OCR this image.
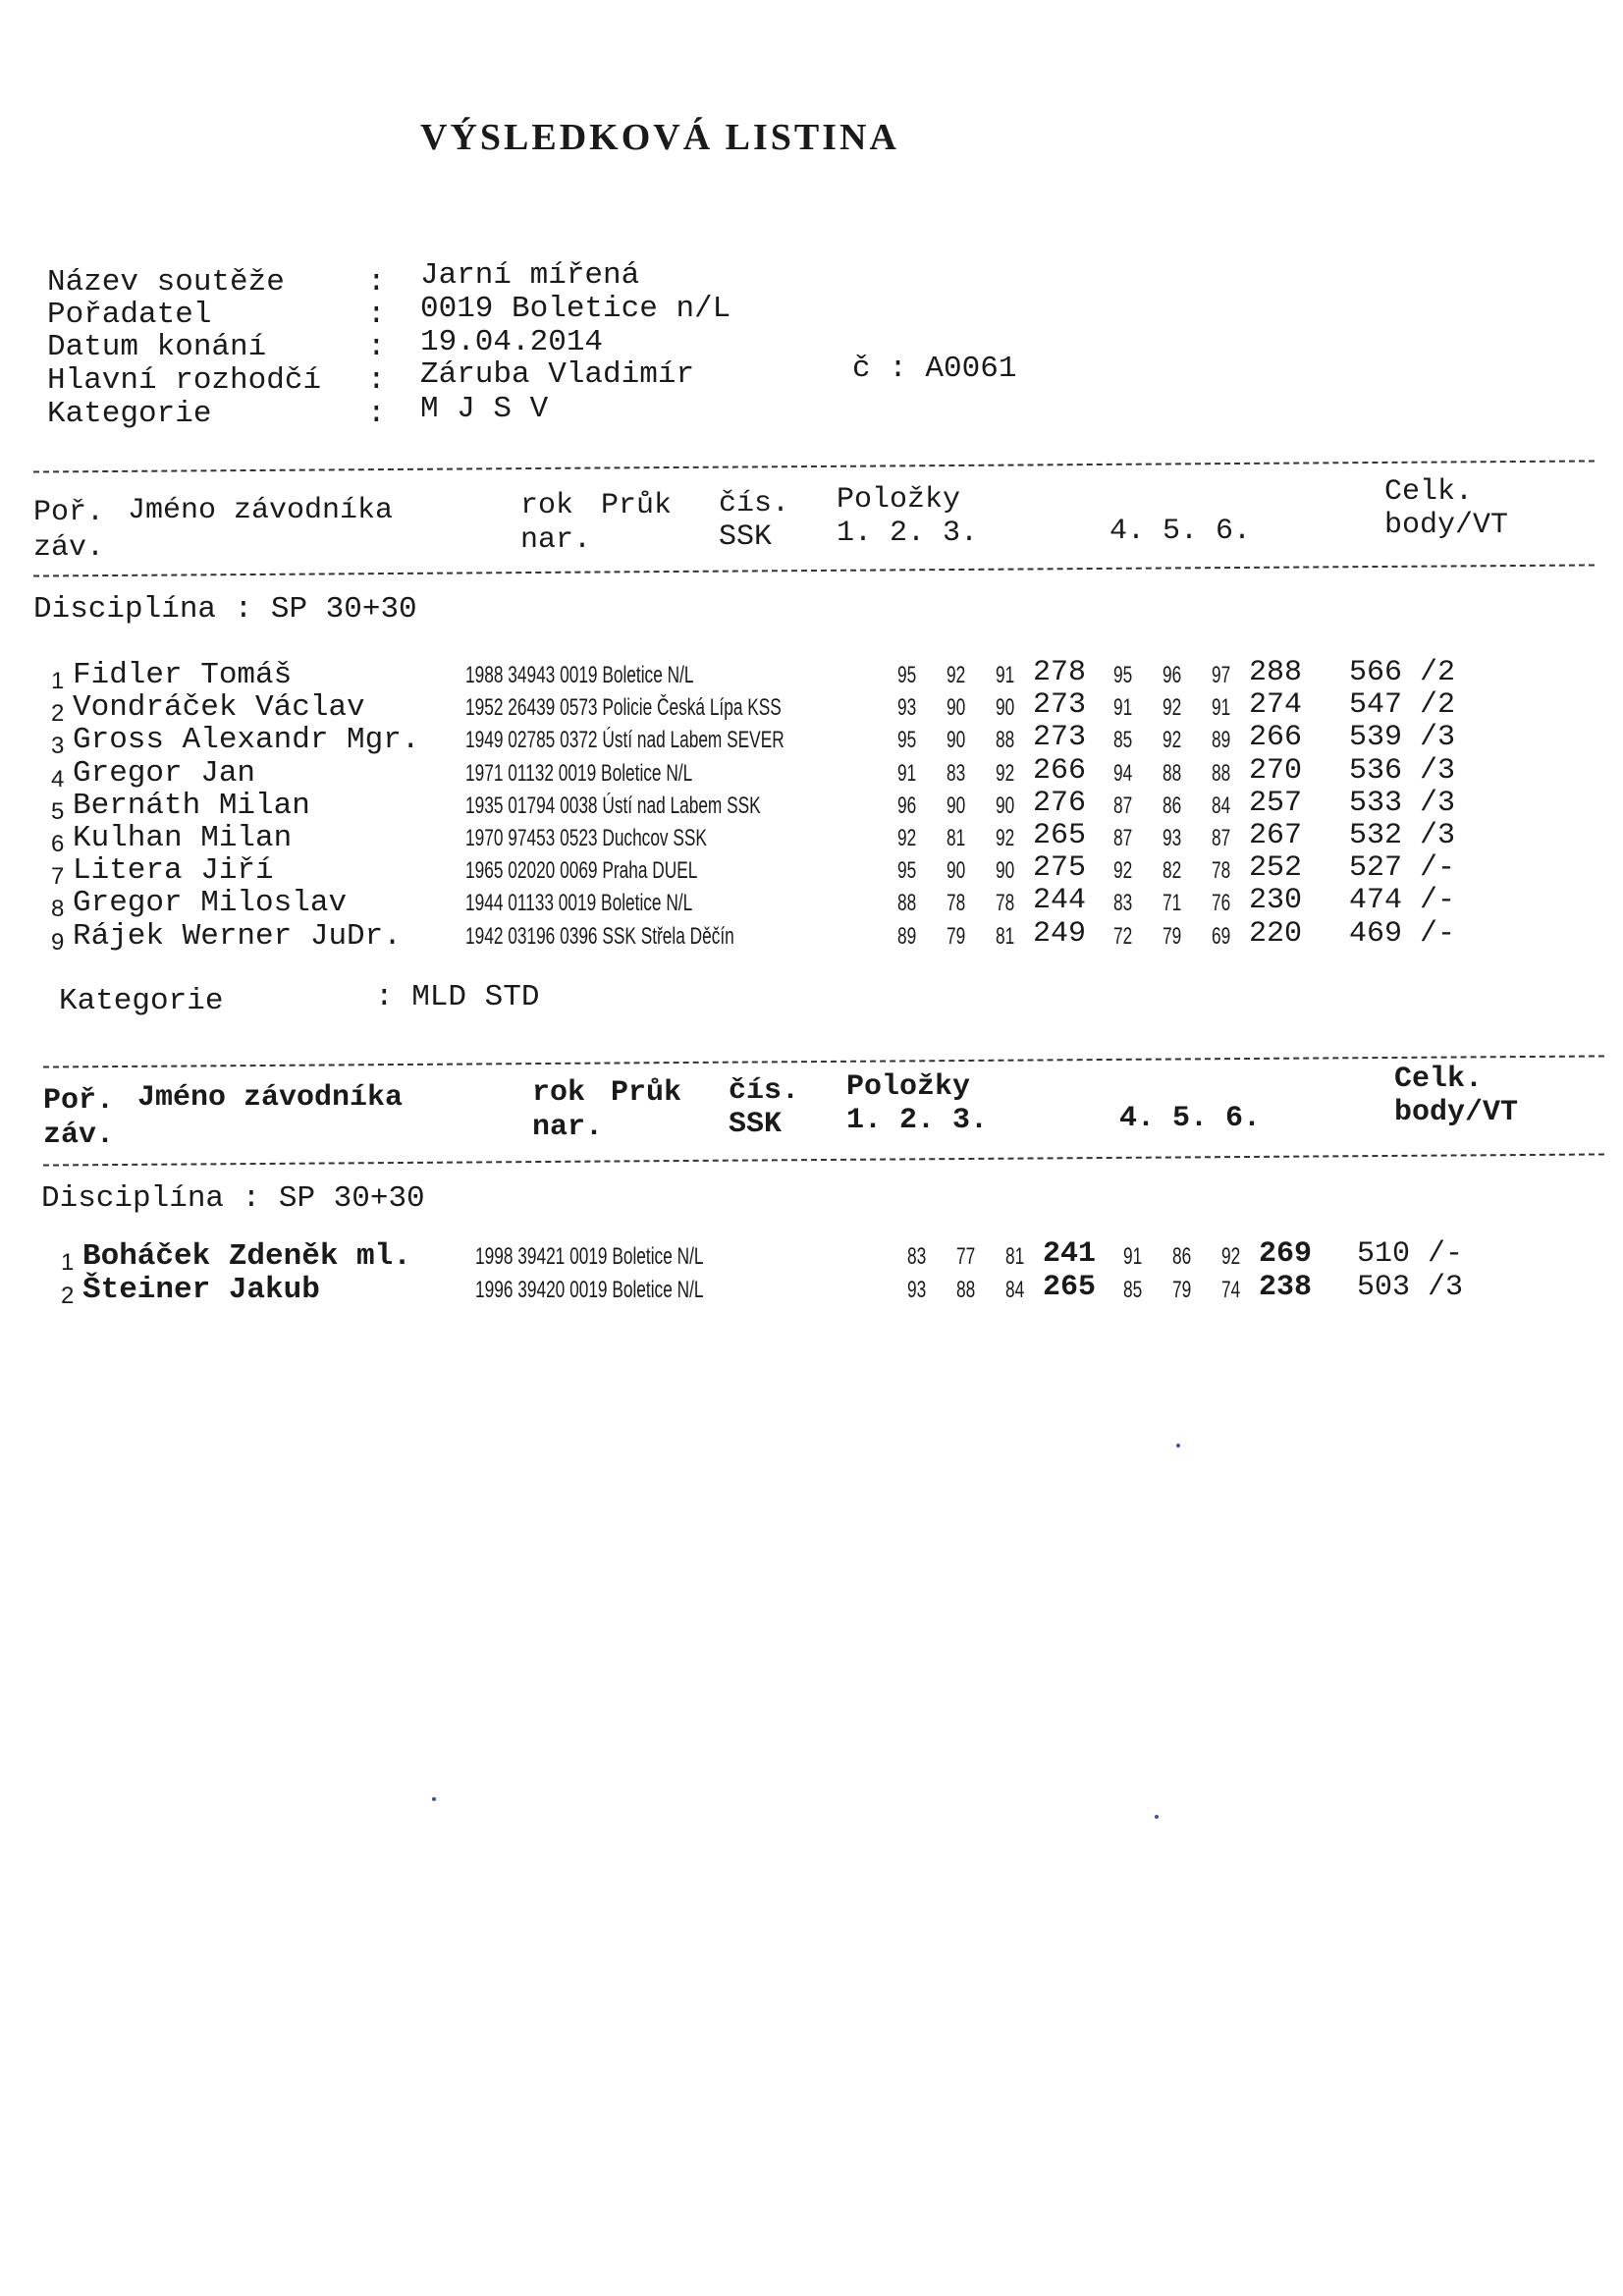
VÝSLEDKOVÁ LISTINA
Název soutěže	: Jarní mířená
Pořadatel	: 0019 Boletice n/L
Datum konání	: 19.04.2014
Hlavní rozhodčí : Záruba Vladimír	č : A0061
Kategorie	: M J S V
Poř. Jméno závodníka
záv.
rok Průk
nar.
čís.
SSK
Položky
1. 2. 3.	4. 5. 6.
Celk.
body/VT
Disciplína : SP 30+30
1 Fidler Tomáš	1988 34943 0019 Boletice N/L	95 92 91 278 95 96 97 288 566 /2
2 Vondráček Václav	1952 26439 0573 Policie Česká Lípa KSS	93 90 90 273 91 92 91 274 547 /2
3 Gross Alexandr Mgr. 1949 02785 0372 Ústí nad Labem SEVER	95 90 88 273 85 92 89 266 539 /3
4 Gregor Jan	1971 01132 0019 Boletice N/L	91 83 92 266 94 88 88 270 536 /3
5 Bernáth Milan	1935 01794 0038 Ústí nad Labem SSK	96 90 90 276 87 86 84 257 533 /3
6 Kulhan Milan	1970 97453 0523 Duchcov SSK	92 81 92 265 87 93 87 267 532 /3
7 Litera Jiří	1965 02020 0069 Praha DUEL	95 90 90 275 92 82 78 252 527 /-
8 Gregor Miloslav	1944 01133 0019 Boletice N/L	88 78 78 244 83 71 76 230 474 /-
9 Rájek Werner JuDr.	1942 03196 0396 SSK Střela Děčín	89 79 81 249 72 79 69 220 469 /-
Kategorie	: MLD STD
Poř. Jméno závodníka
záv.
rok Průk
nar.
čís.
SSK
Položky
1. 2. 3.	4. 5. 6.
Celk.
body/VT
Disciplína : SP 30+30
1 Boháček Zdeněk ml.	1998 39421 0019 Boletice N/L	83 77 81 241 91 86 92 269 510 /-
2 Šteiner Jakub	1996 39420 0019 Boletice N/L	93 88 84 265 85 79 74 238 503 /3
